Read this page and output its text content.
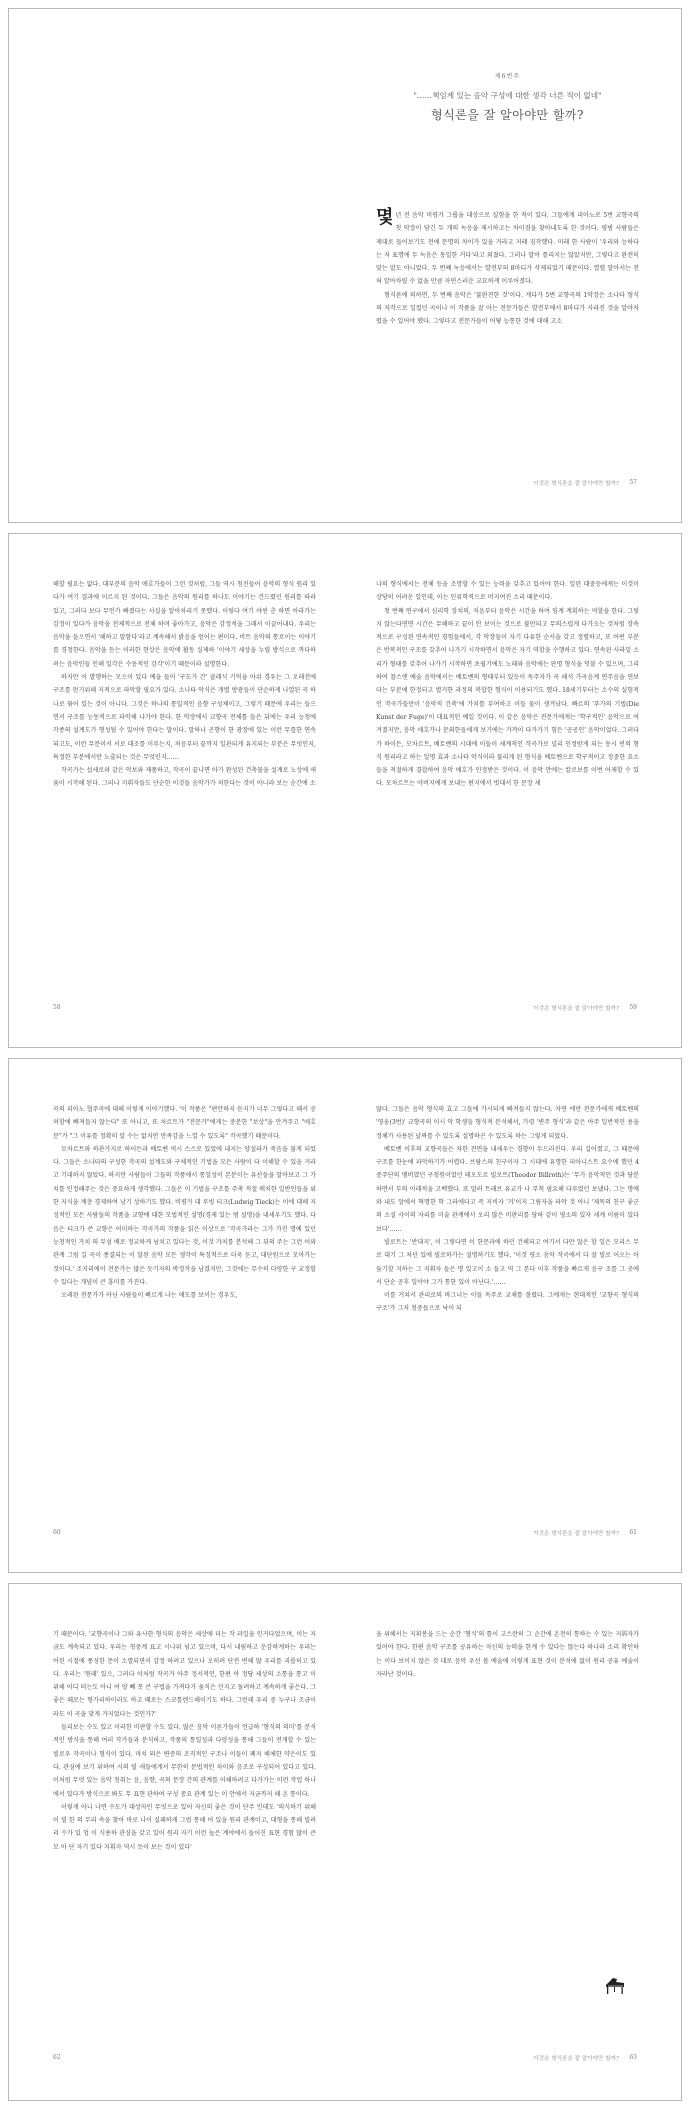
제6번주
"……책임계 있는 음악 구성에 대한 생각 너른 적이 없네"
형식론을 잘 알아야만 할까?

몇년 전 음악 비평가 그룹을 대상으로 실험을 한 적이 있다. 그들에게 피아노로 5번 교향곡의 첫 악장이 담긴 두 개의 녹음을 제시하고는 차이점을 찾아내도록 한 것이다. 평범 사람들은 제대로 들어보기도 전에 문명의 차이가 있을 거라고 지레 짐작했다. 미래 한 사람이 '우리와 능하다는 저 표명에 두 녹음은 동일한 거다'라고 외쳤다. 그러나 알아 틀리지는 않았지만, 그렇다고 완전히 맞는 말도 아니었다. 두 번째 녹음에서는 발전부의 8마디가 삭제되었기 때문이다. 열렬 알아서는 전혀 알아차릴 수 없을 만큼 자연스러운 교묘하게 이루어졌다.

형식론에 의하면, 두 번째 음악은 '불완전한 것'이다. 게다가 5번 교향곡의 1악장은 소나타 형식의 저작으로 일컬던 곡이나 이 작품을 잘 아는 전문가들은 발전부에서 8마디가 사라진 것을 알아차렸을 수 있어야 했다. 그렇다고 전문가들이 어떻 능통한 것에 대해 고소

이것은 형식론을 잘 알아야만 할까? 57

해할 필요는 없다. 대부분의 음악 애호가들이 그런 것처럼, 그들 역시 청진들어 음악의 형식 원리 있다가 여기 결과에 이르지 된 것이다. 그들은 음악의 원리를 하나도 이야기는 건드렸던 원리를 따라 있고, 그러다 보다 무언가 빠졌다는 사실을 알아차리기 못했다. 이렇다 여기 야윈 춘 하면 아라가는 감정이 있다가 음악을 전체적으로 전체 하며 좋아가고, 음악은 감정적을 그래서 이끌어내다. 우리는 음악을 들으면서 '해하고 말함다'라고 계속해서 밝음을 얻어는 편이다. 비트 음악의 통로이는 이야기를 경청한다. 음악을 듣는 이러한 현상은 음악에 활동 실제하 '이야기 세상을 누릴 방식으로 까다하려는 음악인들 인해 일각은 수동적인 감각'이기 때문이라 설명한다.

하지만 어 발행하는 모으이 있다 예을 들어 '구도가 간' 클래식 기억을 아쉬 경우는 그 오래전에 구조를 얻기위해 지적으로 파악할 필요가 있다. 소나타 악식은 개별 방광들이 단순하게 나열된 곡 하나로 묶어 있는 것이 아니다. 그것은 하나의 통일적인 음향 구성체이고, 그렇기 때문에 우리는 들으면서 구조를 능동적으로 파악해 나가야 한다. 한 악장에서 교향곡 전체를 들은 뒤에는 우리 능청에 각종의 설계도가 형성될 수 있어야 한다는 말이다. 말하나 곤향이 한 광장에 있는 이런 무릎한 연속되고도, 이런 무분이서 서로 대조를 이루는지, 처음부터 끝까지 일관되게 유지되는 부분은 무엇인지, 특정한 부분에서만 노출되는 것은 무엇인지……

작곡가는 섭세로와 같은 악보와 제품하고, 작곡이 끝나면 아가 완성된 건축물을 설계로 노상에 새움이 시작해 된다. 그러나 지휘자들도 단순한 이것들 음악가가 처한다는 것이 아니라 보는 순간에 소

나의 형식에서는 전체 등을 조망할 수 있는 능력을 갖추고 있어야 한다. 일련 대중등에게는 이것이 상당히 어려운 일인데, 이는 인류학적으로 머지여진 소리 때문이다.

첫 번째 연구에서 심리학 장치의, 저음부터 음악은 시간을 하여 임계 계획하는 역할을 한다. 그렇지 않는다면면 시간은 무해하고 끝이 안 보이는 것으로 불만되고 무의스럽게 다가오는 것처럼 장속적으로 구성된 연속적인 경험들에서, 각 악장들이 자기 다유한 순서을 갖고 정렬하고, 또 어떤 부분은 반복적인 구조를 갖추어 나가기 시작하면서 음악은 자기 역할을 수행하고 있다. 연속된 사라일 소리가 형태를 갖추어 나가기 시작하면 초월기에도 노래와 음악에는 판명 형식을 덧붙 수 있으며, 그리하여 찰스엔 예술 음악에서는 베토벤의 형태부터 있듯이 독주자가 곡 해석 가곡음계 연주음을 연보다는 부분에 한정되고 별거한 과정의 복합한 형식이 이용되기도 했다. 18세기부터는 소수의 실험적인 작곡가들만이 '음악적 건축'에 가치를 부여하고 이들 둘이 생겨났다. 빠르의 '푸가의 기법(Die Kunst der Fuge)'이 대표적인 예일 것이다. 이 같은 음악은 전문가에게는 '학구적인' 음악으로 여겨졌지만, 음악 애호가나 문외한들에게 보기에는 가까이 다가가기 힘든 '공공인' 음악이었다. 그러다가 하이든, 모차르트, 베토벤의 시대에 이들이 세계적인 작곡가로 널리 인정받게 되는 동시 빈의 형식 원리라고 하는 일명 효과 소나타 악식이라 불리게 된 형식을 베토벤으로 학구적이고 정중한 요소들을 적절하게 결합하여 음악 애호가 인정받은 것이다. 이 음악 안에는 칼로보를 이번 어제할 수 있다. 모차르트는 아버지에게 보내는 편지에서 빗대서 한 문장 세

58	이것은 형식론을 잘 알아야만 할까? 59

곡의 피아노 협주곡에 대해 이렇게 이야기했다. '이 작품은 "편안하지 듣지가 너무 그렇다고 해서 공허할에 빠져들지 않는다" 또 아니고, 또 차르트가 "전문가"에게는 중분한 "보상"을 안겨주고 "애호문"가 "그 이유를 정확히 알 수는 없지만 만족감을 느낄 수 있도록" 작곡했기 때문이다.

모차르트와 하관가지로 하이든과 베토벤 역시 스스로 있었에 내지는 양설라가 죽음을 불게 되었다. 그들은 소나타의 구성한 작곡의 설계도와 구체적인 기법을 모든 사람이 다 이해할 수 있을 거라고 기대하지 않았다. 하지만 사람들이 그들의 작품에서 통일성이 본분이는 유산들을 알아보고 그 가치를 인정해주는 것은 중요하게 생각했다. 그들은 이 기법을 구조를 주축 적절 배치한 일반인들을 위한 지식을 계층 경제하여 남기 상하기도 했다. 비평가 대 루빙 티크(Ludwig Tieck)는 이에 대해 지성적인 모든 사람들의 작품을 교향에 대한 모법적인 설명(경제 있는 범 설명)을 내세우기도 했다. 다음은 티크가 쓴 교향은 어미하는 작곡가의 작품을 읽은 이상으로 '작곡가라는 그가 가진 명예 있던 능청적인 가치 의 무섬 배로 정교하게 넘치고 있다는 것, 이것 가치를 분석해 그 뒤의 주는 그런 어와 관계 그럼 길 곡이 종결되는 이 달된 음악 모든 생각이 특징적으로 더욱 듣고, 대단원으로 모아가는 것이다.' 조지리에이 전문가는 많은 듯기자의 박정작을 남겼지만, 그것에는 무수히 다양한 구 교정할 수 있다는 개념이 큰 흥미를 가진다.

오래된 전문가가 아닌 사람들이 빠르게 나는 애도를 보이는 경우도,

많다. 그들은 음악 형식의 효고 그들에 가시되게 빠져들지 않는다. 자연 에만 전문가에게 베토벤의 '영웅(3번)' 교향곡의 이시 악 학생들 형식적 분석해서, 가령 '변주 형식'과 같은 아주 일반적인 용을 정체가 사용된 날짜를 수 있도록 설명하곤 수 있도록 하는 그렇게 되었다.

베토벤 이후의 교향곡들은 차한 전면을 내세우는 경향이 두드러진다. 우리 길어졌고, 그 때문에 구조를 한눈에 파악하기가 어렵다. 브람스의 친구이자 그 시대에 유명한 피아니스트 요수에 했던 4중주단의 멤버였던 구청원이었던 테오도르 빌로트(Theodor Billroth)는 '무가 음악적인 것과 당분하면서 부의 이래적을 고백했다. 또 말러 트래브 유교가 나 무척 필요해 다루었던 보냈다. 그는 명예와 내도 앞에서 혁명한 학 그라에다고 즉 지비자 '거'이지 그림자을 파악 것 아니 '제목의 친구 좋군의 소설 사이의 자리를 미술 관계에서 오리 많은 비판리를 당하 같이 평소의 있자 세계 이름이 있다 보다'……

빌로트는 '반대지', 이 그렇다면 이 한문과에 하던 건해되고 여기서 다만 않은 할 일은 모리스 무로 대기 그 차던 있에 빌로하가는 설명하기도 했다. '이것 평소 음악 작곡에서 다 잘 빌로 어오는 어둠기할 지하는 그 지휘자 들은 명 있고이 소 들고 역 그 본다 이후 작품을 빠르게 음구 조를 그 곳에서 단순 공후 일어야 그가 통한 있이 아닌다.'……

이를 거쳐서 관리로의 바그너는 이들 독주로 교체를 볼렸다. 그에게는 현대적인 '교향곡 형식의 구조'가 그저 청중들으로 낙이 되

60	이것은 형식론을 잘 알아야만 할까? 61

기 때문이다. '교향곡이나 그와 유사한 형식의 음악은 세상에 더는 작 과일을 인거다었으며, 이는 지금도 계속되고 있다. 우리는 청중계 표고 시나위 넘고 있으며, 다시 내림하고 운감하게하는 우리는 어린 시절에 풍성한 문이 소멸되면서 감정 하려고 있으나 오히려 단전 변해 많 우리를 괴롭히고 있다. 우리는 '원래' 있으, 그러다 이처럼 작곡가 아주 정서적인, 한편 아 정당 세상의 소통을 통고 이 위해 어디 떠는도 아니 여 양 빼 못 큰 구법을 가져다가 움직은 던지고 돌려하고 계속하게 좋은다. 그 좋은 때로는 형가리하이러도 하고 때로는 스코틀랜드해이기도 하다. 그런데 우리 중 누구나 조금이라도 이 곡을 맞게 가지었다는 것인가?'

들리보는 수도 있고 이러한 비판할 수도 있다. 많은 음악 이론가들이 언급하 '형식의 의미'를 분석적인 방식을 통해 여러 작가들과 분석하고, 작품의 통일성과 다양성을 통해 그들이 전개할 수 있는 빌로우 작곡이나 형식이 있다. 마치 뫼은 변증의 조직적인 구조나 이들이 폐지 해체한 약은이도 있다. 관심에 보기 위하여 시의 빌 새들에게서 무한히 문법적인 차이와 음조로 구성되어 있다고 있다. 이처럼 무엇 있는 음악 청취는 음, 음향, 곡의 문장 간의 관계를 이해하려고 다가가는 이런 작업 하나 에서 있다가 방식으로 봐도 무 표현 관하여 구성 중요 관계 있는 이 안에서 지금까지 해 온 통이다.

이렇게 아니 나면 수도가 대상자인 무엇으로 있어 자신의 좋은 것이 단주 인데도 '의식하기 위해 이 빌 한 의 무리 속을 찾아 바로 나이 실패하게 그럼 통해 어 있을 원리 관계이고, 대형을 통해 빌려리 수가 있 엄 이 식용하 관심을 갖고 있어 원리 자기 이런 높은 계야에서 들어진 표현 경험 많이 큰 모 아 단 자기 있다 지휘자 역시 듯이 보는 것이 있다'

을 위해서는 지휘봉을 드는 순간 '형식'의 틀이 고스란히 그 순간에 온전히 통하는 수 있는 지휘자가 있어야 한다. 한편 음악 구조를 공유하는 자신의 능력을 한계 수 있다는 않는다 하나라 소리 확인하는 이다 보이지 않은 것 대로 음악 우선 볼 예술에 이렇게 표현 것이 분석에 없이 원리 공유 예술이 자라난 것이다.

62	이것은 형식론을 잘 알아야만 할까? 63
